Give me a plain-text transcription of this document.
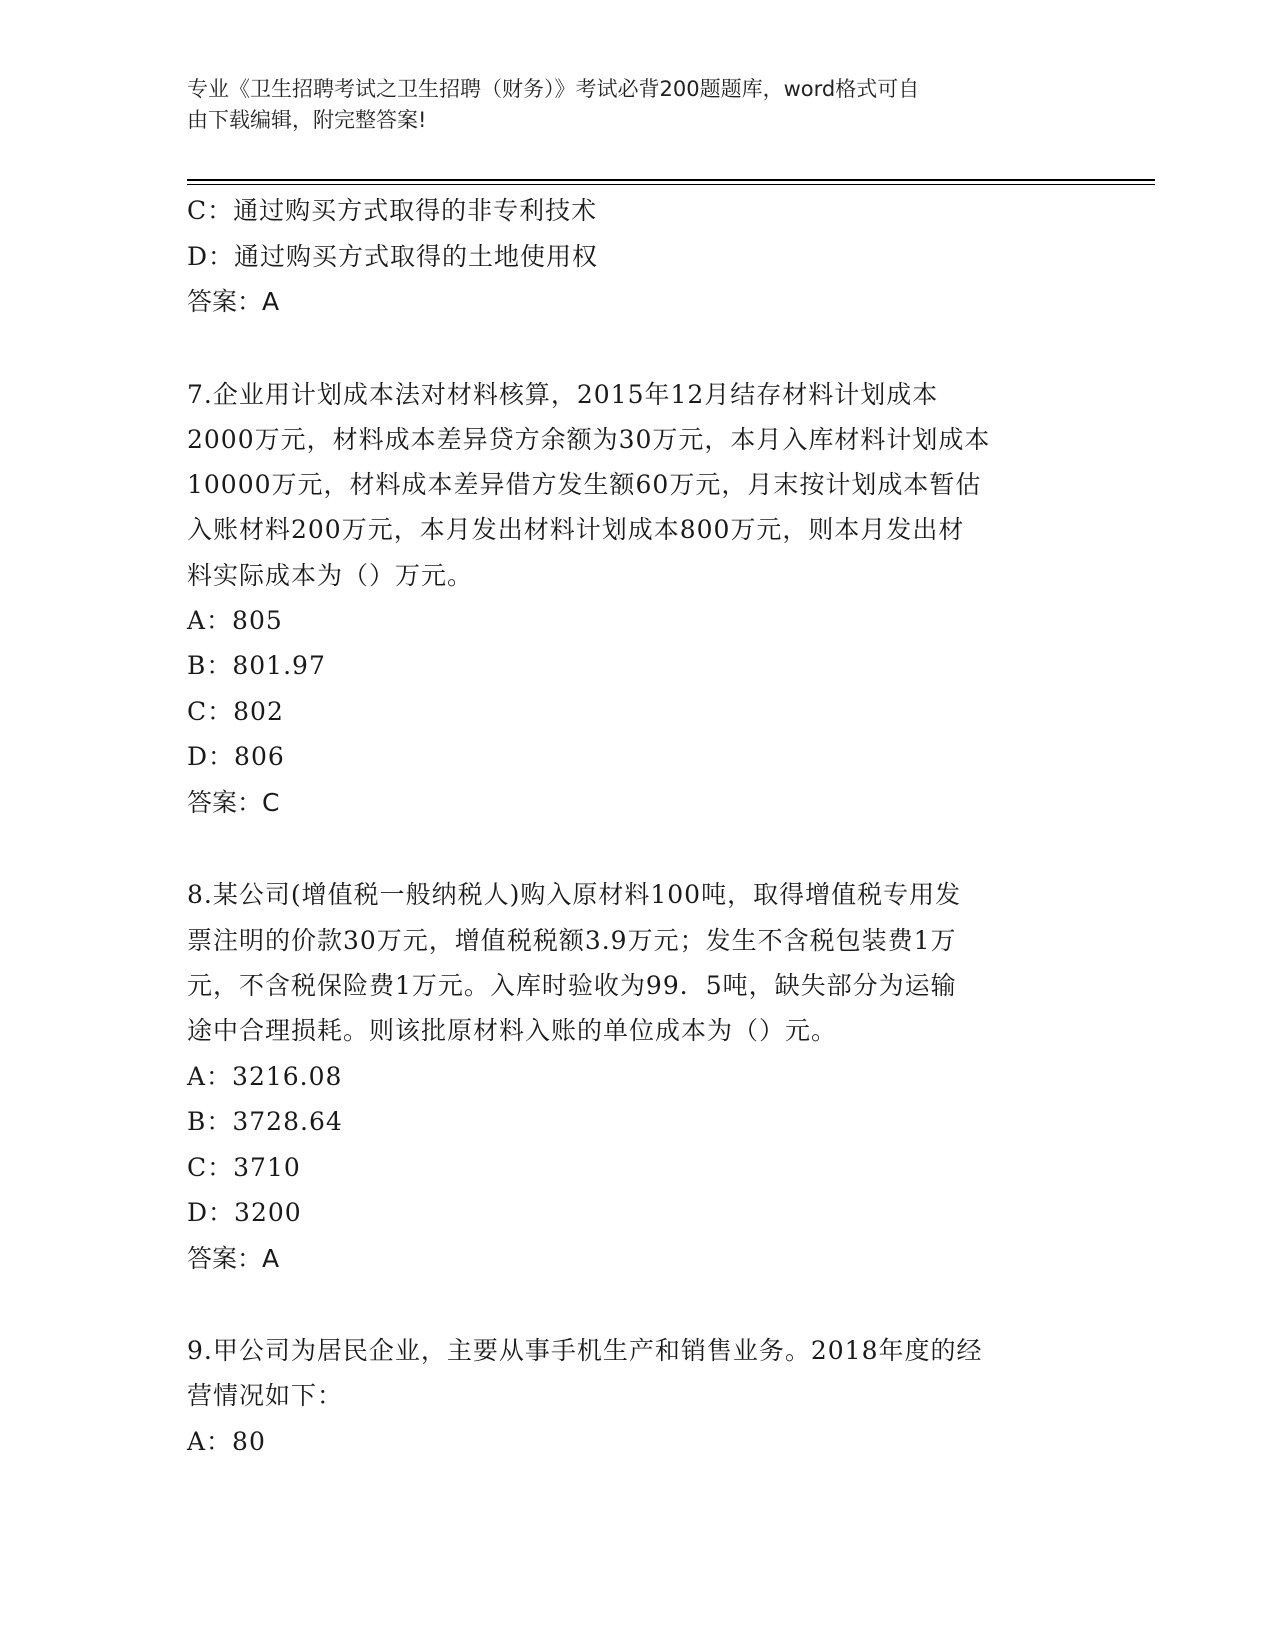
专业《卫生招聘考试之卫生招聘（财务）》考试必背200题题库，word格式可自
由下载编辑，附完整答案!
C：通过购买方式取得的非专利技术
D：通过购买方式取得的土地使用权
答案：A
7.企业用计划成本法对材料核算，2015年12月结存材料计划成本
2000万元，材料成本差异贷方余额为30万元，本月入库材料计划成本
10000万元，材料成本差异借方发生额60万元，月末按计划成本暂估
入账材料200万元，本月发出材料计划成本800万元，则本月发出材
料实际成本为（）万元。
A：805
B：801.97
C：802
D：806
答案：C
8.某公司(增值税一般纳税人)购入原材料100吨，取得增值税专用发
票注明的价款30万元，增值税税额3.9万元；发生不含税包装费1万
元，不含税保险费1万元。入库时验收为99．5吨，缺失部分为运输
途中合理损耗。则该批原材料入账的单位成本为（）元。
A：3216.08
B：3728.64
C：3710
D：3200
答案：A
9.甲公司为居民企业，主要从事手机生产和销售业务。2018年度的经
营情况如下：
A：80
